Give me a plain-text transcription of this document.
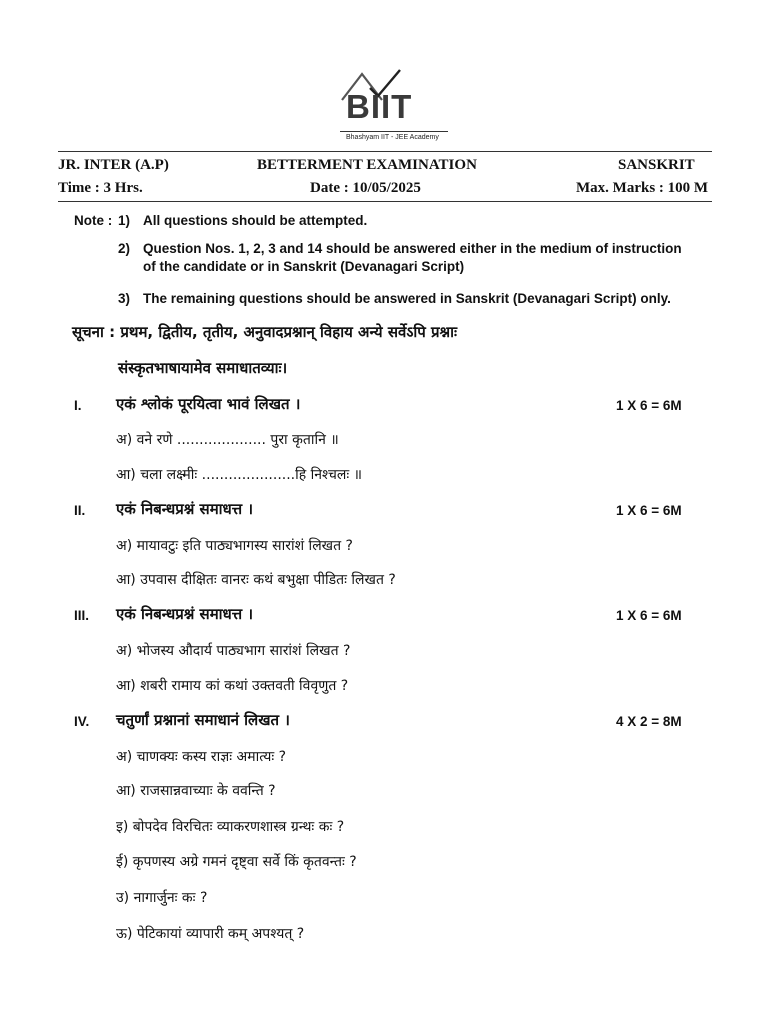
BIIT
Bhashyam IIT - JEE Academy
JR. INTER (A.P)	BETTERMENT EXAMINATION	SANSKRIT
Time : 3 Hrs.	Date : 10/05/2025	Max. Marks : 100 M
Note : 1) All questions should be attempted.
2) Question Nos. 1, 2, 3 and 14 should be answered either in the medium of instruction
of the candidate or in Sanskrit (Devanagari Script)
3) The remaining questions should be answered in Sanskrit (Devanagari Script) only.
सूचना : प्रथम, द्वितीय, तृतीय, अनुवादप्रश्नान् विहाय अन्ये सर्वेऽपि प्रश्नाः
संस्कृतभाषायामेव समाधातव्याः।
I. एकं श्लोकं पूरयित्वा भावं लिखत ।	1 X 6 = 6M
अ) वने रणे .................... पुरा कृतानि ॥
आ) चला लक्ष्मीः .....................हि निश्चलः ॥
II. एकं निबन्धप्रश्नं समाधत्त ।	1 X 6 = 6M
अ) मायावटुः इति पाठ्यभागस्य सारांशं लिखत ?
आ) उपवास दीक्षितः वानरः कथं बभुक्षा पीडितः लिखत ?
III. एकं निबन्धप्रश्नं समाधत्त ।	1 X 6 = 6M
अ) भोजस्य औदार्य पाठ्यभाग सारांशं लिखत ?
आ) शबरी रामाय कां कथां उक्तवती विवृणुत ?
IV. चतुर्णां प्रश्नानां समाधानं लिखत ।	4 X 2 = 8M
अ) चाणक्यः कस्य राज्ञः अमात्यः ?
आ) राजसान्नवाच्याः के ववन्ति ?
इ) बोपदेव विरचितः व्याकरणशास्त्र ग्रन्थः कः ?
ई) कृपणस्य अग्रे गमनं दृष्ट्वा सर्वे किं कृतवन्तः ?
उ) नागार्जुनः कः ?
ऊ) पेटिकायां व्यापारी कम् अपश्यत् ?
